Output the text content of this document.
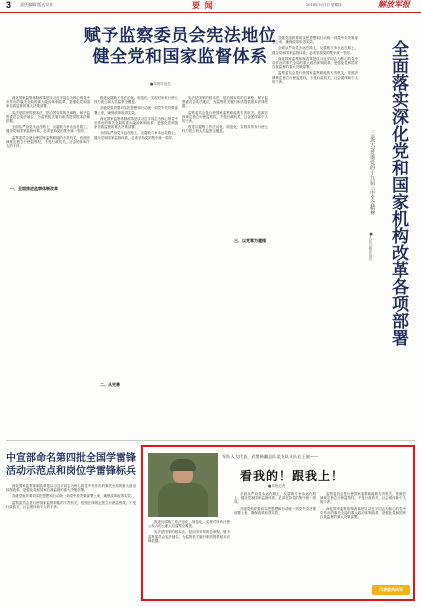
3 责任编辑 版式设计	要 闻	2018年3月1日 星期四	解放军报
赋予监察委员会宪法地位
健全党和国家监督体系
■本报评论员

深化国家监察体制改革是以习近平同志为核心的党中央作出的事关全局的重大政治体制改革，是强化党和国家自我监督的重大决策部署。

宪法是国家的根本法，是治国安邦的总章程。赋予监察委员会宪法地位，为监察机关履行职责提供根本法律依据。

全面从严治党永远在路上，反腐败斗争永远在路上。健全党和国家监督体系，必须坚持党的集中统一领导。

监察委员会是行使国家监察职能的专责机关，依照法律规定独立行使监察权，不受行政机关、社会团体和个人的干涉。

一、全面推进监察体制改革

推进反腐败工作法治化、规范化，实现对所有行使公权力的公职人员监察全覆盖。

各级党组织要切实把思想和行动统一到党中央决策部署上来，确保改革取得实效。

深化国家监察体制改革是以习近平同志为核心的党中央作出的事关全局的重大政治体制改革，是强化党和国家自我监督的重大决策部署。

全面从严治党永远在路上，反腐败斗争永远在路上。健全党和国家监督体系，必须坚持党的集中统一领导。

二、从完善

宪法是国家的根本法，是治国安邦的总章程。赋予监察委员会宪法地位，为监察机关履行职责提供根本法律依据。

监察委员会是行使国家监察职能的专责机关，依照法律规定独立行使监察权，不受行政机关、社会团体和个人的干涉。

推进反腐败工作法治化、规范化，实现对所有行使公权力的公职人员监察全覆盖。

三、以党章为遵循

各级党组织要切实把思想和行动统一到党中央决策部署上来，确保改革取得实效。

全面从严治党永远在路上，反腐败斗争永远在路上。健全党和国家监督体系，必须坚持党的集中统一领导。

深化国家监察体制改革是以习近平同志为核心的党中央作出的事关全局的重大政治体制改革，是强化党和国家自我监督的重大决策部署。

监察委员会是行使国家监察职能的专责机关，依照法律规定独立行使监察权，不受行政机关、社会团体和个人的干涉。	全面落实深化党和国家机构改革各项部署
三论学习贯彻党的十九届三中全会精神
■人民日报评论员
中宣部命名第四批全国学雷锋活动示范点和岗位学雷锋标兵

深化国家监察体制改革是以习近平同志为核心的党中央作出的事关全局的重大政治体制改革，是强化党和国家自我监督的重大决策部署。

各级党组织要切实把思想和行动统一到党中央决策部署上来，确保改革取得实效。

监察委员会是行使国家监察职能的专责机关，依照法律规定独立行使监察权，不受行政机关、社会团体和个人的干涉。

军队人大代表、武警新疆总队某支队支队长王刚——
看我的！跟我上！
■本报记者

推进反腐败工作法治化、规范化，实现对所有行使公权力的公职人员监察全覆盖。

宪法是国家的根本法，是治国安邦的总章程。赋予监察委员会宪法地位，为监察机关履行职责提供根本法律依据。

全面从严治党永远在路上，反腐败斗争永远在路上。健全党和国家监督体系，必须坚持党的集中统一领导。

各级党组织要切实把思想和行动统一到党中央决策部署上来，确保改革取得实效。

监察委员会是行使国家监察职能的专责机关，依照法律规定独立行使监察权，不受行政机关、社会团体和个人的干涉。

深化国家监察体制改革是以习近平同志为核心的党中央作出的事关全局的重大政治体制改革，是强化党和国家自我监督的重大决策部署。

代表委员风采
